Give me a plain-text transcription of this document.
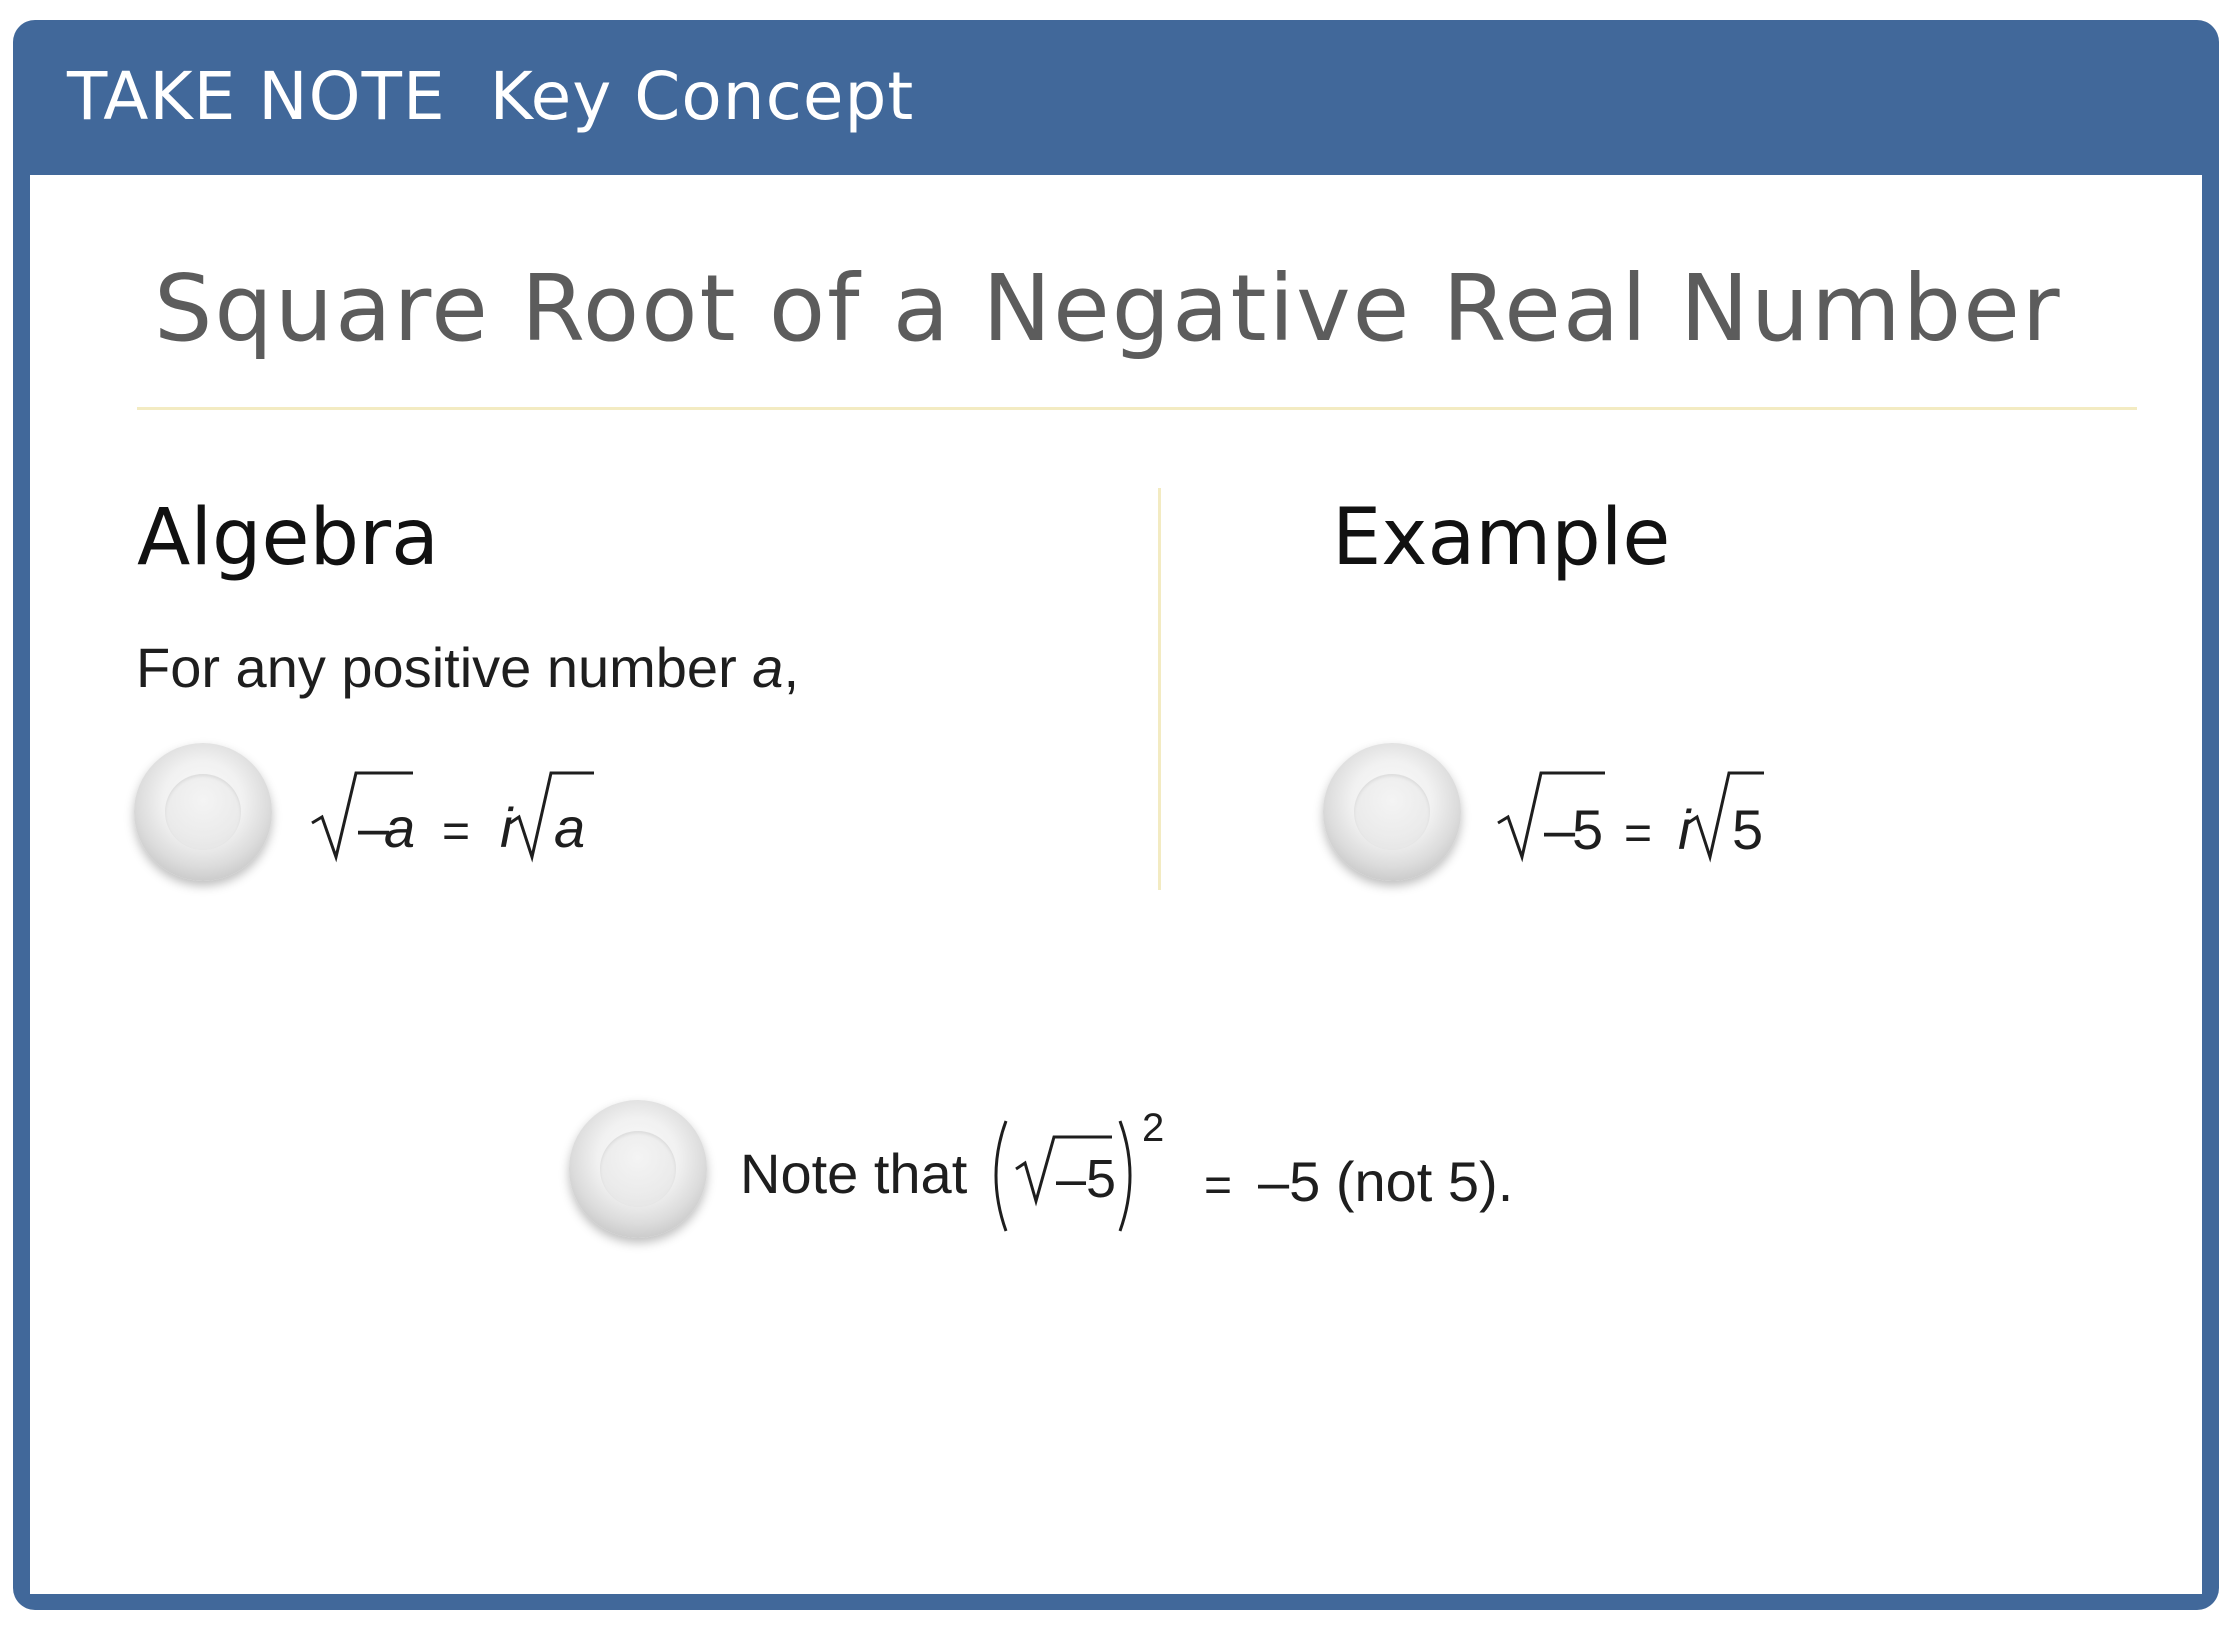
TAKE NOTE Key Concept
Square Root of a Negative Real Number
Algebra	Example
For any positive number a,
–
a = i a	–
5 = i 5
Note that –5
2
= –5 (not 5).
